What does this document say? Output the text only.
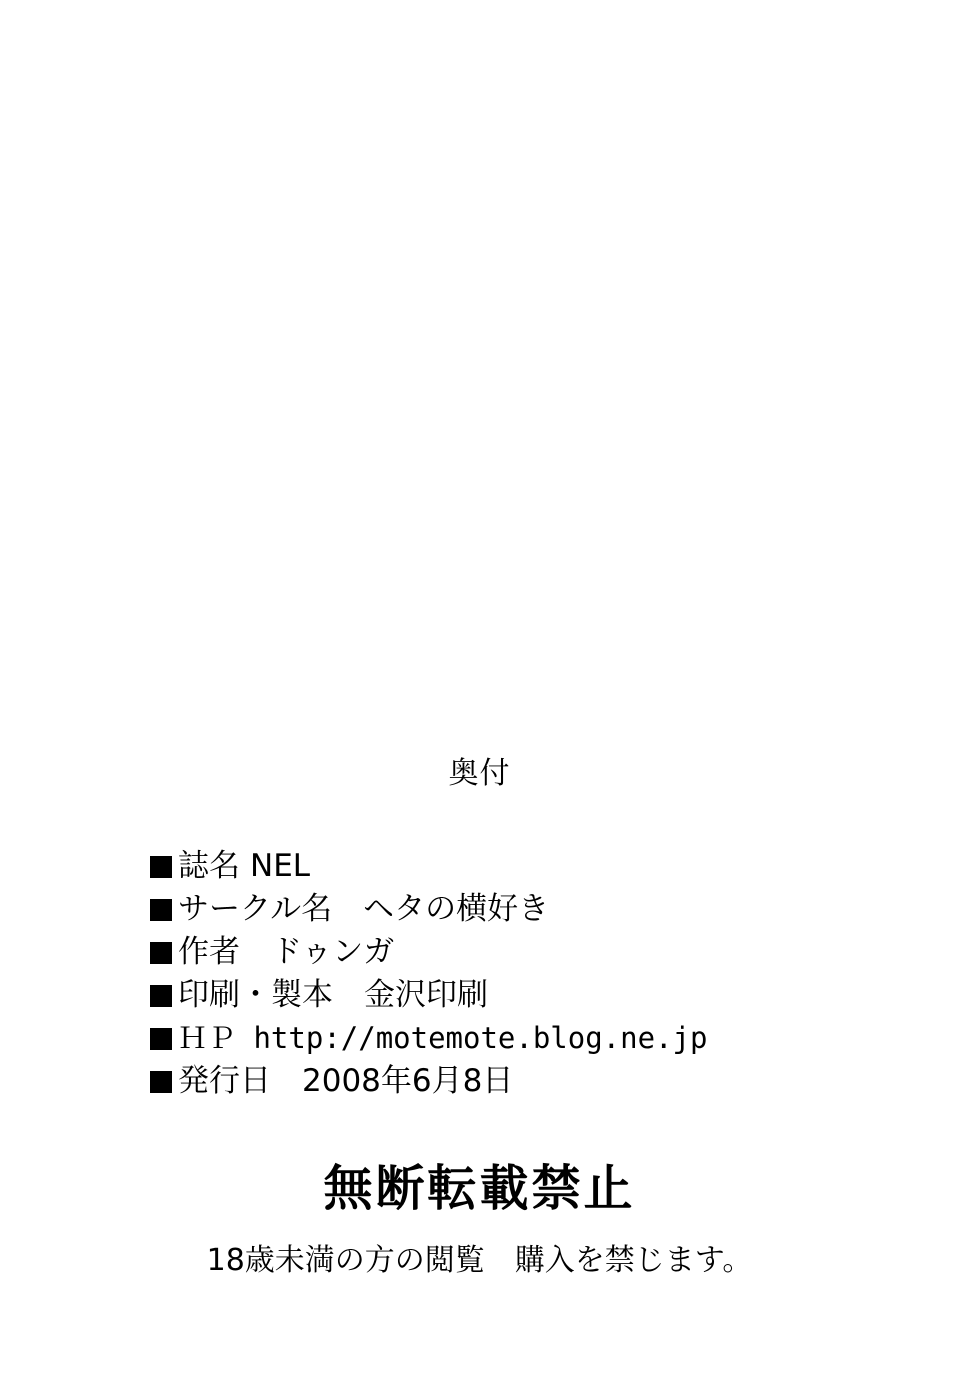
奥付
誌名 NEL
サークル名　ヘタの横好き
作者　ドゥンガ
印刷・製本　金沢印刷
ＨＰ http://motemote.blog.ne.jp
発行日　2008年6月8日
無断転載禁止
18歳未満の方の閲覧　購入を禁じます。
